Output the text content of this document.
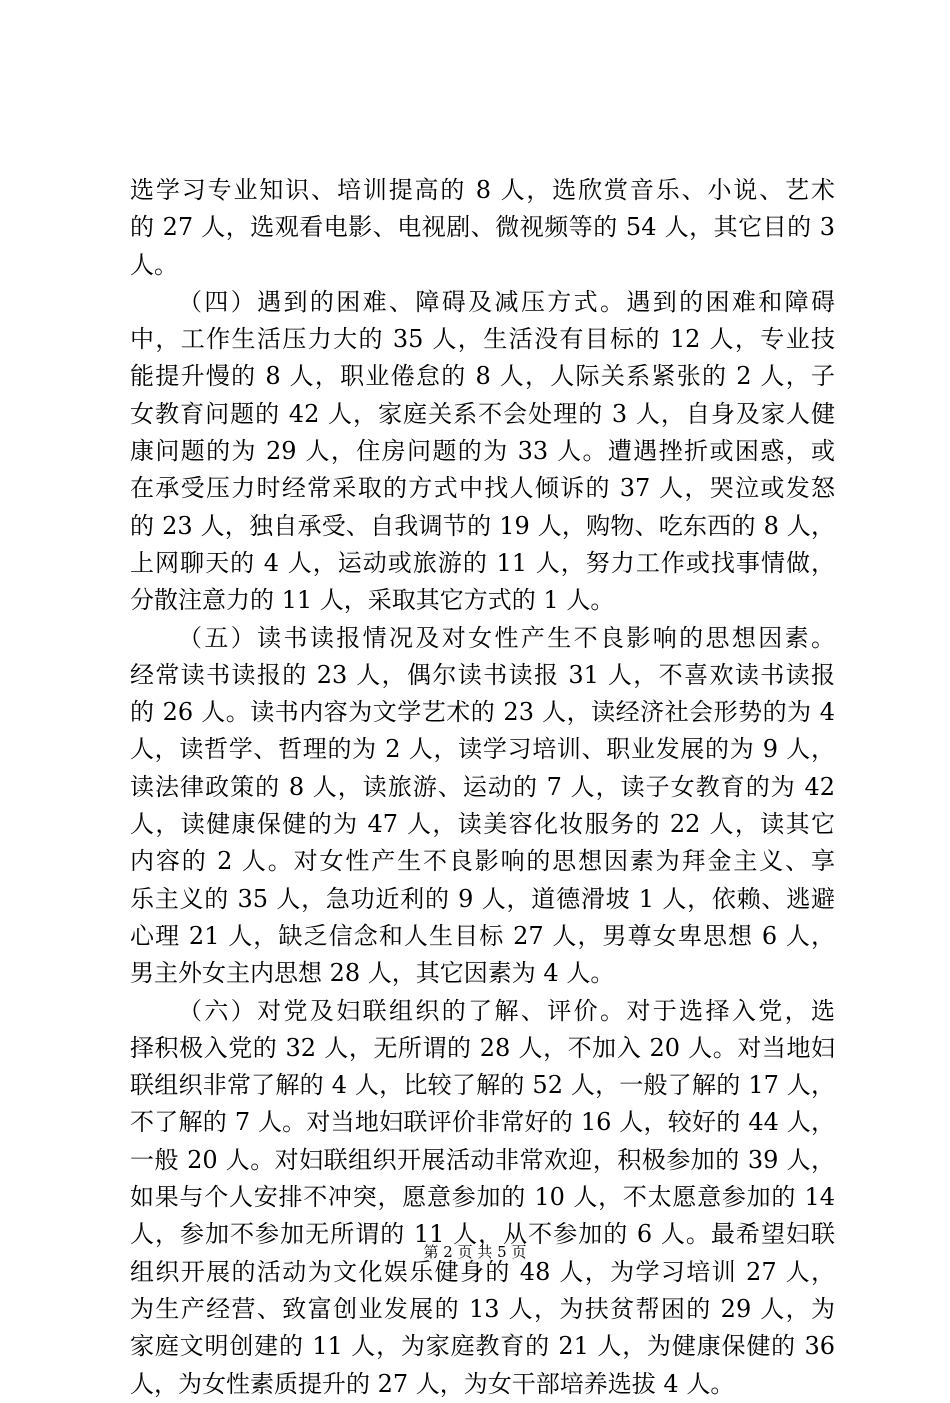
选学习专业知识、培训提高的 8 人，选欣赏音乐、小说、艺术
的 27 人，选观看电影、电视剧、微视频等的 54 人，其它目的 3
人。
（四）遇到的困难、障碍及减压方式。遇到的困难和障碍
中，工作生活压力大的 35 人，生活没有目标的 12 人，专业技
能提升慢的 8 人，职业倦怠的 8 人，人际关系紧张的 2 人，子
女教育问题的 42 人，家庭关系不会处理的 3 人，自身及家人健
康问题的为 29 人，住房问题的为 33 人。遭遇挫折或困惑，或
在承受压力时经常采取的方式中找人倾诉的 37 人，哭泣或发怒
的 23 人，独自承受、自我调节的 19 人，购物、吃东西的 8 人，
上网聊天的 4 人，运动或旅游的 11 人，努力工作或找事情做，
分散注意力的 11 人，采取其它方式的 1 人。
（五）读书读报情况及对女性产生不良影响的思想因素。
经常读书读报的 23 人，偶尔读书读报 31 人，不喜欢读书读报
的 26 人。读书内容为文学艺术的 23 人，读经济社会形势的为 4
人，读哲学、哲理的为 2 人，读学习培训、职业发展的为 9 人，
读法律政策的 8 人，读旅游、运动的 7 人，读子女教育的为 42
人，读健康保健的为 47 人，读美容化妆服务的 22 人，读其它
内容的 2 人。对女性产生不良影响的思想因素为拜金主义、享
乐主义的 35 人，急功近利的 9 人，道德滑坡 1 人，依赖、逃避
心理 21 人，缺乏信念和人生目标 27 人，男尊女卑思想 6 人，
男主外女主内思想 28 人，其它因素为 4 人。
（六）对党及妇联组织的了解、评价。对于选择入党，选
择积极入党的 32 人，无所谓的 28 人，不加入 20 人。对当地妇
联组织非常了解的 4 人，比较了解的 52 人，一般了解的 17 人，
不了解的 7 人。对当地妇联评价非常好的 16 人，较好的 44 人，
一般 20 人。对妇联组织开展活动非常欢迎，积极参加的 39 人，
如果与个人安排不冲突，愿意参加的 10 人，不太愿意参加的 14
人，参加不参加无所谓的 11 人，从不参加的 6 人。最希望妇联
组织开展的活动为文化娱乐健身的 48 人，为学习培训 27 人，
为生产经营、致富创业发展的 13 人，为扶贫帮困的 29 人，为
家庭文明创建的 11 人，为家庭教育的 21 人，为健康保健的 36
人，为女性素质提升的 27 人，为女干部培养选拔 4 人。
第 2 页 共 5 页
